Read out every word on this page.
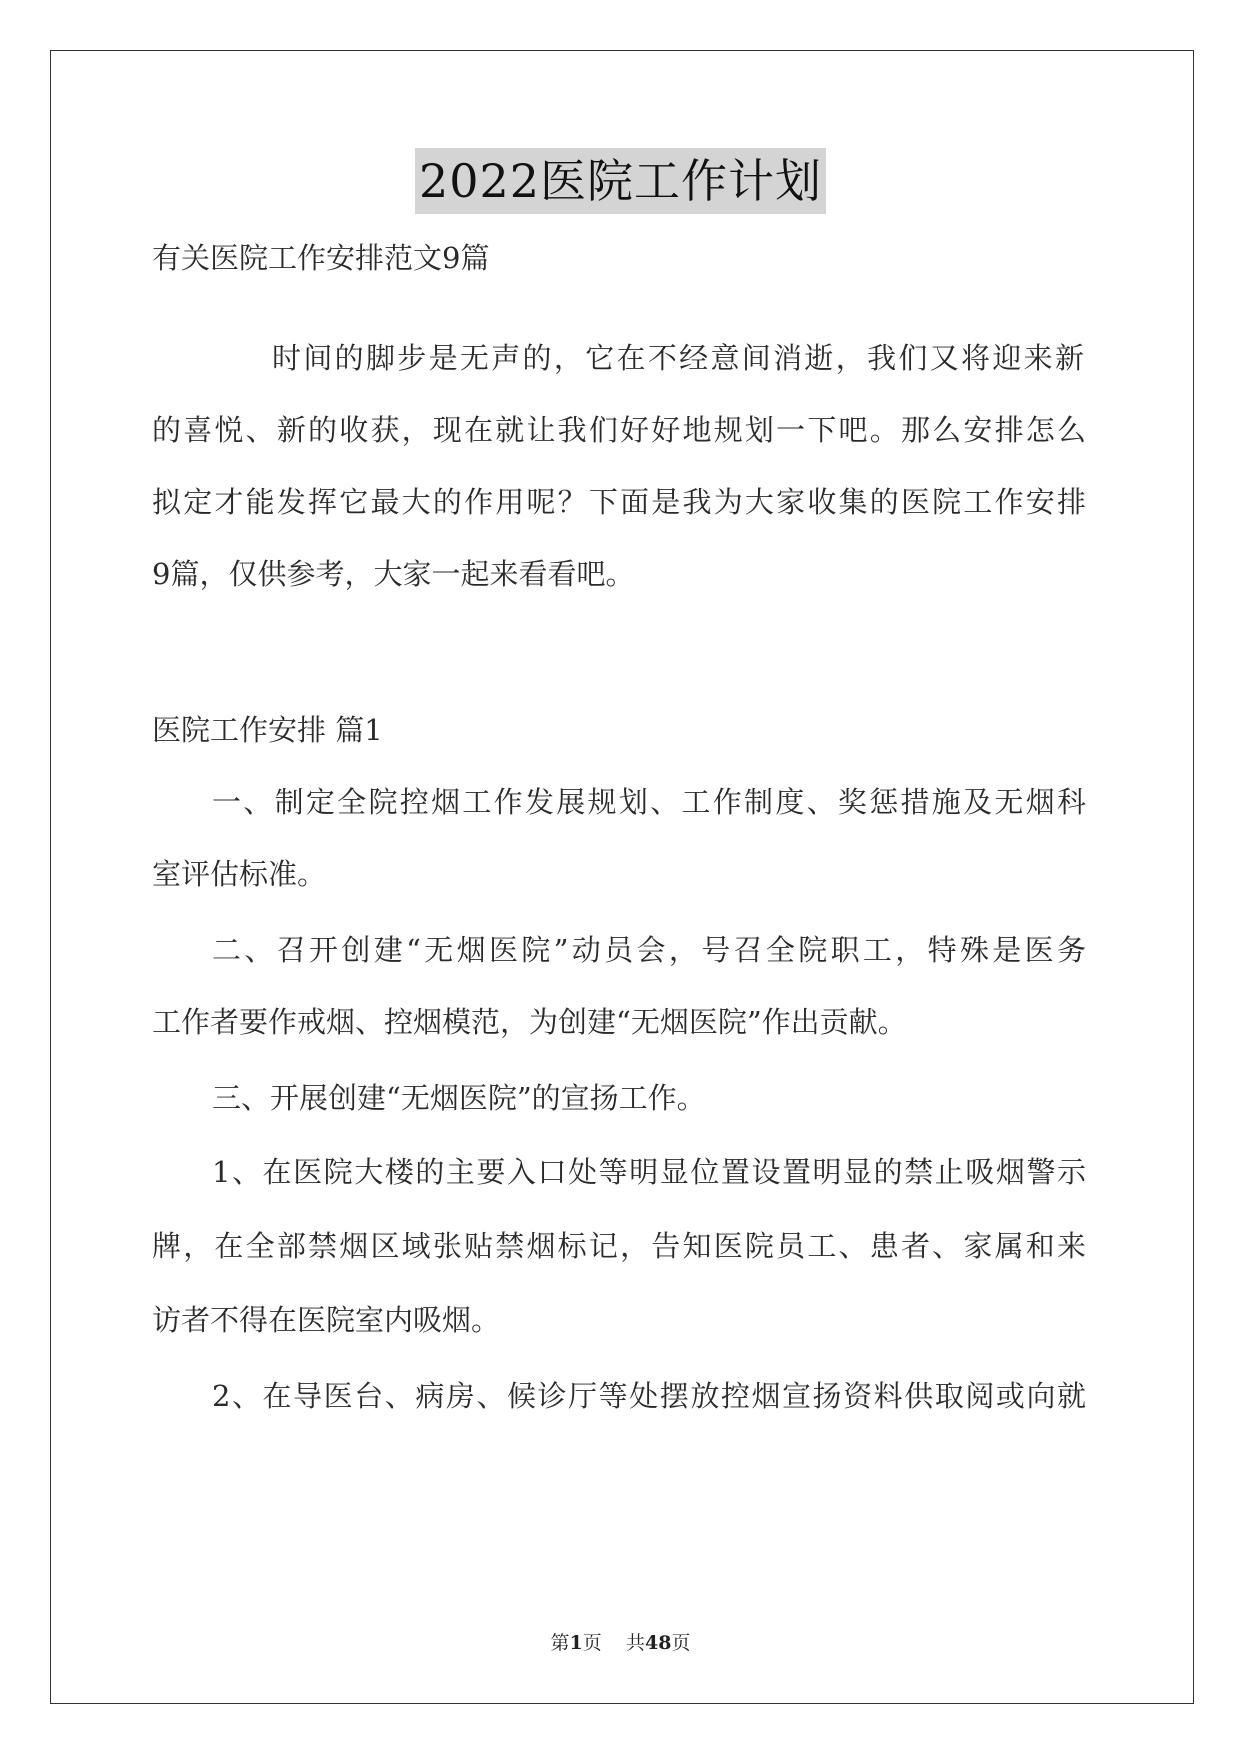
2022医院工作计划
有关医院工作安排范文9篇
时间的脚步是无声的，它在不经意间消逝，我们又将迎来新
的喜悦、新的收获，现在就让我们好好地规划一下吧。那么安排怎么
拟定才能发挥它最大的作用呢？下面是我为大家收集的医院工作安排
9篇，仅供参考，大家一起来看看吧。
医院工作安排 篇1
一、制定全院控烟工作发展规划、工作制度、奖惩措施及无烟科
室评估标准。
二、召开创建“无烟医院”动员会，号召全院职工，特殊是医务
工作者要作戒烟、控烟模范，为创建“无烟医院”作出贡献。
三、开展创建“无烟医院”的宣扬工作。
1、在医院大楼的主要入口处等明显位置设置明显的禁止吸烟警示
牌，在全部禁烟区域张贴禁烟标记，告知医院员工、患者、家属和来
访者不得在医院室内吸烟。
2、在导医台、病房、候诊厅等处摆放控烟宣扬资料供取阅或向就
第1页 共48页
